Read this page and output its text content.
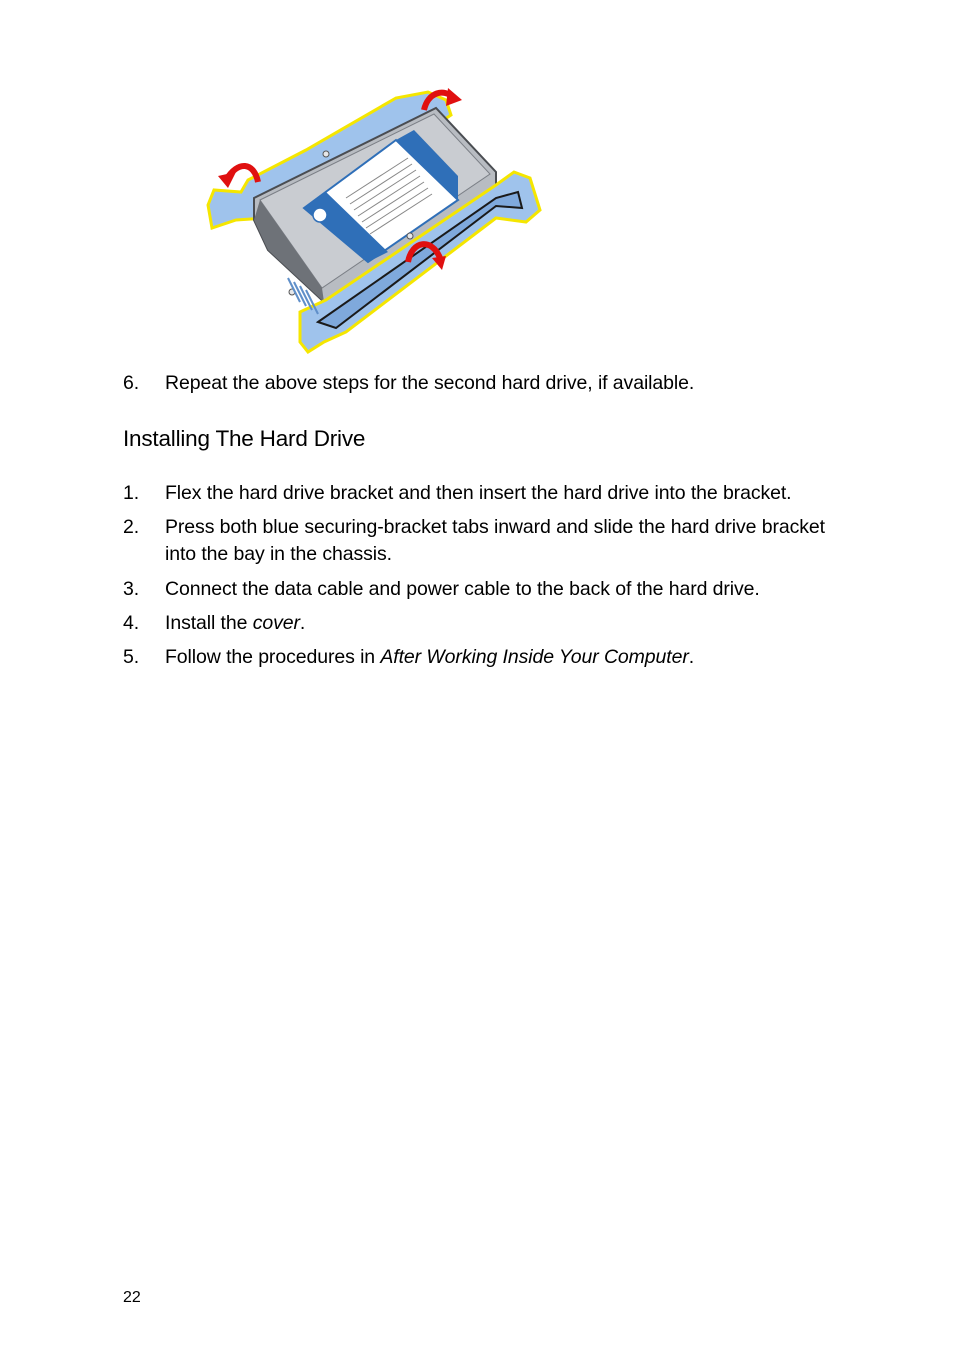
6.	Repeat the above steps for the second hard drive, if available.
Installing The Hard Drive
1.	Flex the hard drive bracket and then insert the hard drive into the bracket.
2.	Press both blue securing-bracket tabs inward and slide the hard drive bracket into the bay in the chassis.
3.	Connect the data cable and power cable to the back of the hard drive.
4.	Install the cover.
5.	Follow the procedures in After Working Inside Your Computer.
22
